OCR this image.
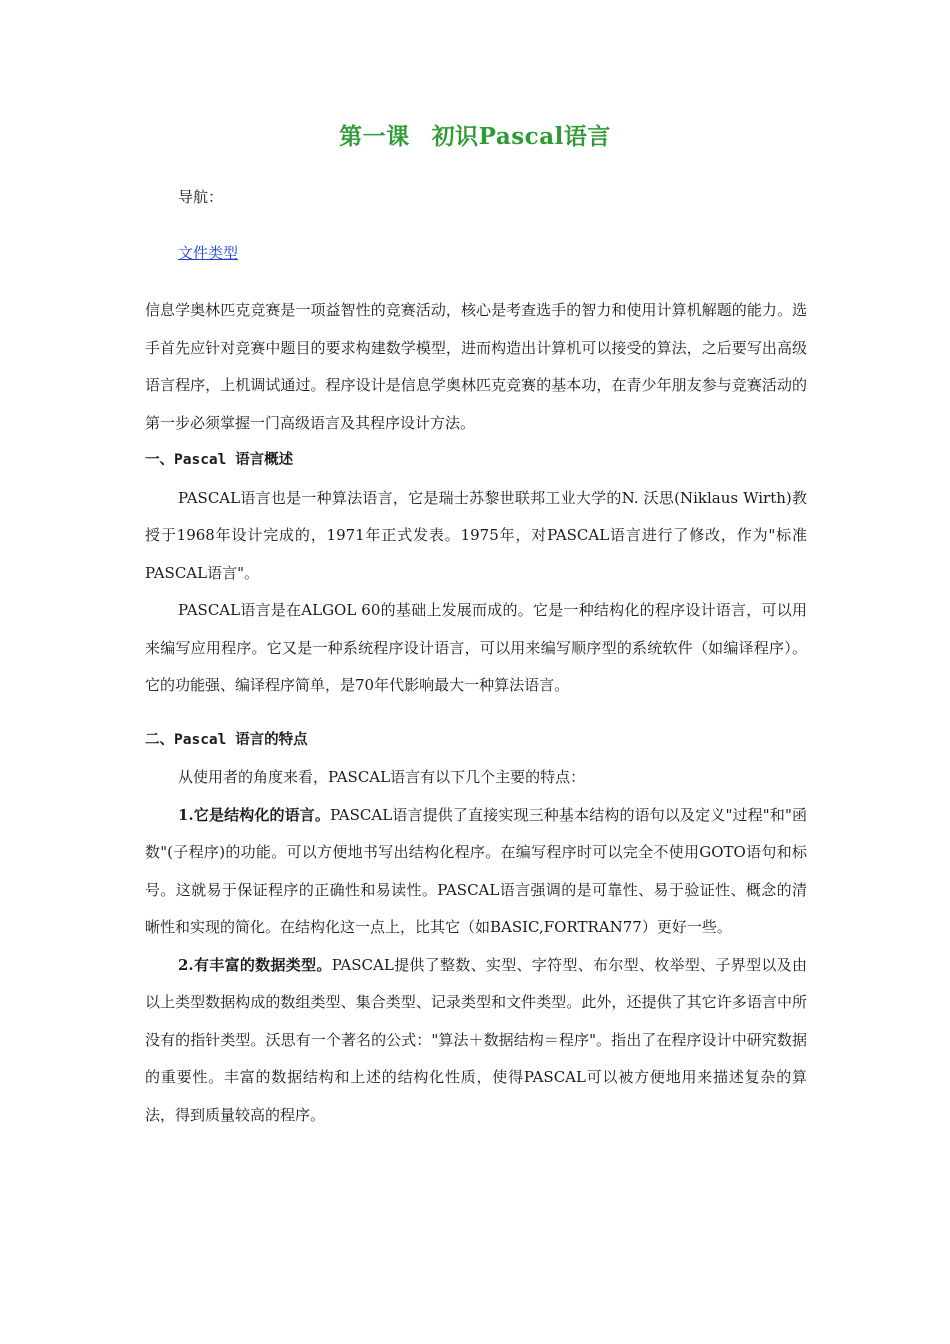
第一课 初识Pascal语言
导航：
文件类型

信息学奥林匹克竞赛是一项益智性的竞赛活动，核心是考查选手的智力和使用计算机解题的能力。选手首先应针对竞赛中题目的要求构建数学模型，进而构造出计算机可以接受的算法，之后要写出高级语言程序，上机调试通过。程序设计是信息学奥林匹克竞赛的基本功，在青少年朋友参与竞赛活动的第一步必须掌握一门高级语言及其程序设计方法。

一、Pascal 语言概述

PASCAL语言也是一种算法语言，它是瑞士苏黎世联邦工业大学的N. 沃思(Niklaus Wirth)教授于1968年设计完成的，1971年正式发表。1975年，对PASCAL语言进行了修改，作为"标准PASCAL语言"。

PASCAL语言是在ALGOL 60的基础上发展而成的。它是一种结构化的程序设计语言，可以用来编写应用程序。它又是一种系统程序设计语言，可以用来编写顺序型的系统软件（如编译程序）。它的功能强、编译程序简单，是70年代影响最大一种算法语言。

二、Pascal 语言的特点

从使用者的角度来看，PASCAL语言有以下几个主要的特点：

1.它是结构化的语言。PASCAL语言提供了直接实现三种基本结构的语句以及定义"过程"和"函数"(子程序)的功能。可以方便地书写出结构化程序。在编写程序时可以完全不使用GOTO语句和标号。这就易于保证程序的正确性和易读性。PASCAL语言强调的是可靠性、易于验证性、概念的清晰性和实现的简化。在结构化这一点上，比其它（如BASIC,FORTRAN77）更好一些。

2.有丰富的数据类型。PASCAL提供了整数、实型、字符型、布尔型、枚举型、子界型以及由以上类型数据构成的数组类型、集合类型、记录类型和文件类型。此外，还提供了其它许多语言中所没有的指针类型。沃思有一个著名的公式："算法＋数据结构＝程序"。指出了在程序设计中研究数据的重要性。丰富的数据结构和上述的结构化性质，使得PASCAL可以被方便地用来描述复杂的算法，得到质量较高的程序。
